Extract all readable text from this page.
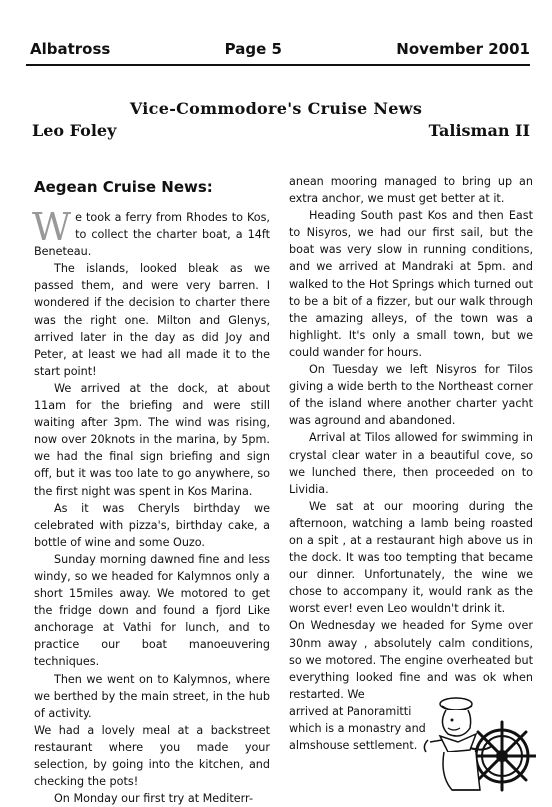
Albatross	Page 5	November 2001
Vice-Commodore's Cruise News
Leo Foley	Talisman II
Aegean Cruise News:

We took a ferry from Rhodes to Kos, to collect the charter boat, a 14ft Beneteau.

The islands, looked bleak as we passed them, and were very barren. I wondered if the decision to charter there was the right one. Milton and Glenys, arrived later in the day as did Joy and Peter, at least we had all made it to the start point!

We arrived at the dock, at about 11am for the briefing and were still waiting after 3pm. The wind was rising, now over 20knots in the marina, by 5pm. we had the final sign briefing and sign off, but it was too late to go anywhere, so the first night was spent in Kos Marina.

As it was Cheryls birthday we celebrated with pizza's, birthday cake, a bottle of wine and some Ouzo.

Sunday morning dawned fine and less windy, so we headed for Kalymnos only a short 15miles away. We motored to get the fridge down and found a fjord Like anchorage at Vathi for lunch, and to practice our boat manoeuvering techniques.

Then we went on to Kalymnos, where we berthed by the main street, in the hub of activity.

We had a lovely meal at a backstreet restaurant where you made your selection, by going into the kitchen, and checking the pots!

On Monday our first try at Mediterr-

anean mooring managed to bring up an extra anchor, we must get better at it.

Heading South past Kos and then East to Nisyros, we had our first sail, but the boat was very slow in running conditions, and we arrived at Mandraki at 5pm. and walked to the Hot Springs which turned out to be a bit of a fizzer, but our walk through the amazing alleys, of the town was a highlight. It's only a small town, but we could wander for hours.

On Tuesday we left Nisyros for Tilos giving a wide berth to the Northeast corner of the island where another charter yacht was aground and abandoned.

Arrival at Tilos allowed for swimming in crystal clear water in a beautiful cove, so we lunched there, then proceeded on to Lividia.

We sat at our mooring during the afternoon, watching a lamb being roasted on a spit , at a restaurant high above us in the dock. It was too tempting that became our dinner. Unfortunately, the wine we chose to accompany it, would rank as the worst ever! even Leo wouldn't drink it.

On Wednesday we headed for Syme over 30nm away , absolutely calm conditions, so we motored. The engine overheated but everything looked fine and was ok when restarted. We

arrived at Panoramitti which is a monastry and almshouse settlement.
